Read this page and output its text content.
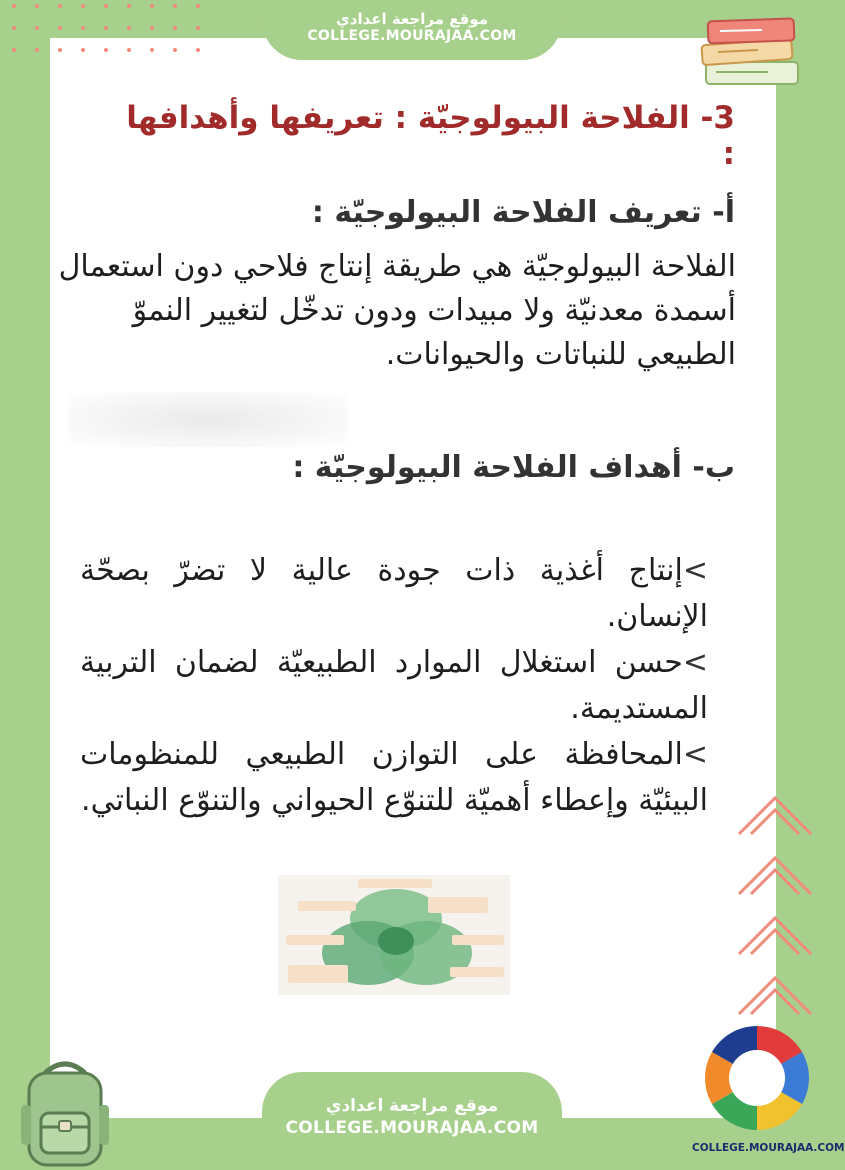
موقع مراجعة اعدادي
COLLEGE.MOURAJAA.COM
3- الفلاحة البيولوجيّة : تعريفها وأهدافها :
أ- تعريف الفلاحة البيولوجيّة :
الفلاحة البيولوجيّة هي طريقة إنتاج فلاحي دون استعمال أسمدة معدنيّة ولا مبيدات ودون تدخّل لتغيير النموّ الطبيعي للنباتات والحيوانات.
ب- أهداف الفلاحة البيولوجيّة :
>إنتاج أغذية ذات جودة عالية لا تضرّ بصحّة الإنسان.
>حسن استغلال الموارد الطبيعيّة لضمان التربية المستديمة.
>المحافظة على التوازن الطبيعي للمنظومات البيئيّة وإعطاء أهميّة للتنوّع الحيواني والتنوّع النباتي.
موقع مراجعة اعدادي
COLLEGE.MOURAJAA.COM
COLLEGE.MOURAJAA.COM
